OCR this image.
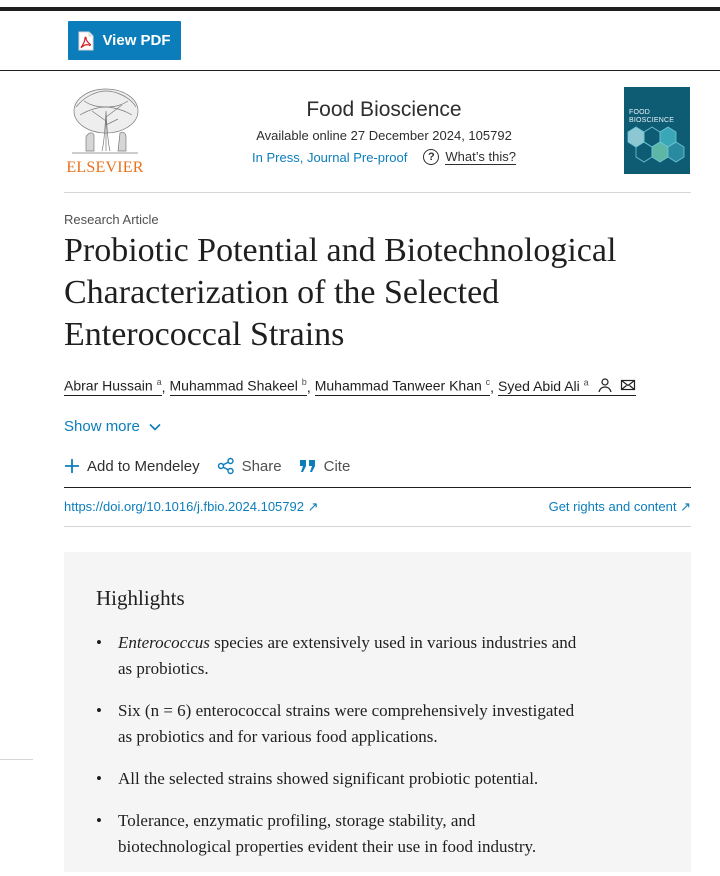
View PDF
ELSEVIER
Food Bioscience
Available online 27 December 2024, 105792
In Press, Journal Pre-proof	? What’s this?
FOOD BIOSCIENCE
Research Article
Probiotic Potential and Biotechnological Characterization of the Selected Enterococcal Strains
Abrar Hussain $^a$ , Muhammad Shakeel $^b$ , Muhammad Tanweer Khan $^c$ , Syed Abid Ali $^a$
Show more
Add to Mendeley	Share	Cite
https://doi.org/10.1016/j.fbio.2024.105792 ↗	Get rights and content ↗
Highlights
• Enterococcus species are extensively used in various industries and as probiotics.
• Six (n = 6) enterococcal strains were comprehensively investigated as probiotics and for various food applications.
• All the selected strains showed significant probiotic potential.
• Tolerance, enzymatic profiling, storage stability, and biotechnological properties evident their use in food industry.
